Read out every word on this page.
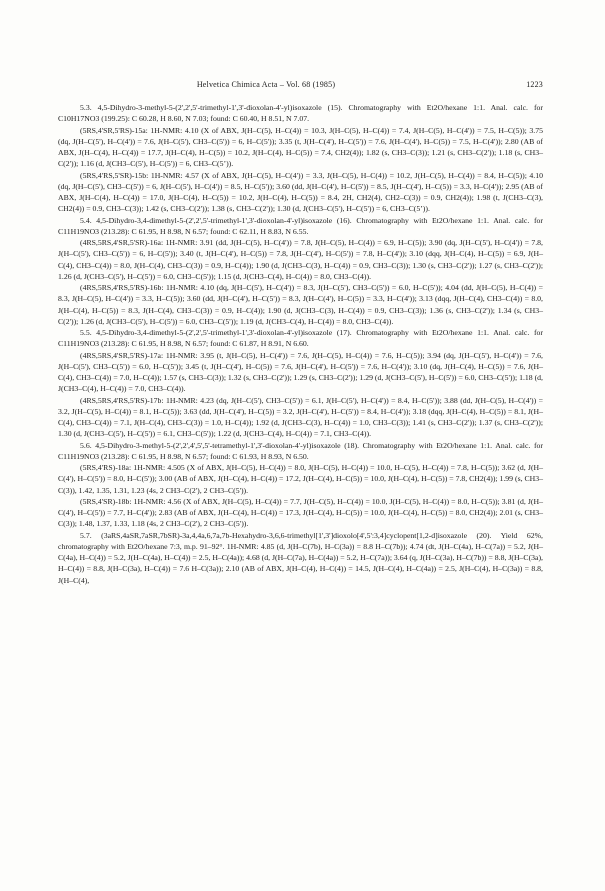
Helvetica Chimica Acta – Vol. 68 (1985)	1223

5.3. 4,5-Dihydro-3-methyl-5-(2',2',5'-trimethyl-1',3'-dioxolan-4'-yl)isoxazole (15). Chromatography with Et2O/hexane 1:1. Anal. calc. for C10H17NO3 (199.25): C 60.28, H 8.60, N 7.03; found: C 60.40, H 8.51, N 7.07.

(5RS,4'SR,5'RS)-15a: 1H-NMR: 4.10 (X of ABX, J(H–C(5), H–C(4)) = 10.3, J(H–C(5), H–C(4)) = 7.4, J(H–C(5), H–C(4')) = 7.5, H–C(5)); 3.75 (dq, J(H–C(5'), H–C(4')) = 7.6, J(H–C(5'), CH3–C(5')) = 6, H–C(5')); 3.35 (t, J(H–C(4'), H–C(5')) = 7.6, J(H–C(4'), H–C(5)) = 7.5, H–C(4')); 2.80 (AB of ABX, J(H–C(4), H–C(4)) = 17.7, J(H–C(4), H–C(5)) = 10.2, J(H–C(4), H–C(5)) = 7.4, CH2(4)); 1.82 (s, CH3–C(3)); 1.21 (s, CH3–C(2')); 1.18 (s, CH3–C(2')); 1.16 (d, J(CH3–C(5'), H–C(5')) = 6, CH3–C(5’)).

(5RS,4'RS,5'SR)-15b: 1H-NMR: 4.57 (X of ABX, J(H–C(5), H–C(4')) = 3.3, J(H–C(5), H–C(4)) = 10.2, J(H–C(5), H–C(4)) = 8.4, H–C(5)); 4.10 (dq, J(H–C(5'), CH3–C(5')) = 6, J(H–C(5'), H–C(4')) = 8.5, H–C(5')); 3.60 (dd, J(H–C(4'), H–C(5')) = 8.5, J(H–C(4'), H–C(5)) = 3.3, H–C(4')); 2.95 (AB of ABX, J(H–C(4), H–C(4)) = 17.0, J(H–C(4), H–C(5)) = 10.2, J(H–C(4), H–C(5)) = 8.4, 2H, CH2(4), CH2–C(3)) = 0.9, CH2(4)); 1.98 (t, J(CH3–C(3), CH2(4)) = 0.9, CH3–C(3)); 1.42 (s, CH3–C(2')); 1.38 (s, CH3–C(2')); 1.30 (d, J(CH3–C(5'), H–C(5')) = 6, CH3–C(5’)).

5.4. 4,5-Dihydro-3,4-dimethyl-5-(2',2',5'-trimethyl-1',3'-dioxolan-4'-yl)isoxazole (16). Chromatography with Et2O/hexane 1:1. Anal. calc. for C11H19NO3 (213.28): C 61.95, H 8.98, N 6.57; found: C 62.11, H 8.83, N 6.55.

(4RS,5RS,4'SR,5'SR)-16a: 1H-NMR: 3.91 (dd, J(H–C(5), H–C(4')) = 7.8, J(H–C(5), H–C(4)) = 6.9, H–C(5)); 3.90 (dq, J(H–C(5'), H–C(4')) = 7.8, J(H–C(5'), CH3–C(5')) = 6, H–C(5')); 3.40 (t, J(H–C(4'), H–C(5)) = 7.8, J(H–C(4'), H–C(5')) = 7.8, H–C(4')); 3.10 (dqq, J(H–C(4), H–C(5)) = 6.9, J(H–C(4), CH3–C(4)) = 8.0, J(H–C(4), CH3–C(3)) = 0.9, H–C(4)); 1.90 (d, J(CH3–C(3), H–C(4)) = 0.9, CH3–C(3)); 1.30 (s, CH3–C(2')); 1.27 (s, CH3–C(2')); 1.26 (d, J(CH3–C(5'), H–C(5')) = 6.0, CH3–C(5')); 1.15 (d, J(CH3–C(4), H–C(4)) = 8.0, CH3–C(4)).

(4RS,5RS,4'RS,5'RS)-16b: 1H-NMR: 4.10 (dq, J(H–C(5'), H–C(4')) = 8.3, J(H–C(5'), CH3–C(5')) = 6.0, H–C(5')); 4.04 (dd, J(H–C(5), H–C(4)) = 8.3, J(H–C(5), H–C(4')) = 3.3, H–C(5)); 3.60 (dd, J(H–C(4'), H–C(5')) = 8.3, J(H–C(4'), H–C(5)) = 3.3, H–C(4')); 3.13 (dqq, J(H–C(4), CH3–C(4)) = 8.0, J(H–C(4), H–C(5)) = 8.3, J(H–C(4), CH3–C(3)) = 0.9, H–C(4)); 1.90 (d, J(CH3–C(3), H–C(4)) = 0.9, CH3–C(3)); 1.36 (s, CH3–C(2')); 1.34 (s, CH3–C(2')); 1.26 (d, J(CH3–C(5'), H–C(5')) = 6.0, CH3–C(5')); 1.19 (d, J(CH3–C(4), H–C(4)) = 8.0, CH3–C(4)).

5.5. 4,5-Dihydro-3,4-dimethyl-5-(2',2',5'-trimethyl-1',3'-dioxolan-4'-yl)isoxazole (17). Chromatography with Et2O/hexane 1:1. Anal. calc. for C11H19NO3 (213.28): C 61.95, H 8.98, N 6.57; found: C 61.87, H 8.91, N 6.60.

(4RS,5RS,4'SR,5'RS)-17a: 1H-NMR: 3.95 (t, J(H–C(5), H–C(4')) = 7.6, J(H–C(5), H–C(4)) = 7.6, H–C(5)); 3.94 (dq, J(H–C(5'), H–C(4')) = 7.6, J(H–C(5'), CH3–C(5')) = 6.0, H–C(5')); 3.45 (t, J(H–C(4'), H–C(5)) = 7.6, J(H–C(4'), H–C(5')) = 7.6, H–C(4')); 3.10 (dq, J(H–C(4), H–C(5)) = 7.6, J(H–C(4), CH3–C(4)) = 7.0, H–C(4)); 1.57 (s, CH3–C(3)); 1.32 (s, CH3–C(2')); 1.29 (s, CH3–C(2')); 1.29 (d, J(CH3–C(5'), H–C(5')) = 6.0, CH3–C(5')); 1.18 (d, J(CH3–C(4), H–C(4)) = 7.0, CH3–C(4)).

(4RS,5RS,4'RS,5'RS)-17b: 1H-NMR: 4.23 (dq, J(H–C(5'), CH3–C(5')) = 6.1, J(H–C(5'), H–C(4')) = 8.4, H–C(5')); 3.88 (dd, J(H–C(5), H–C(4')) = 3.2, J(H–C(5), H–C(4)) = 8.1, H–C(5)); 3.63 (dd, J(H–C(4'), H–C(5)) = 3.2, J(H–C(4'), H–C(5')) = 8.4, H–C(4')); 3.18 (dqq, J(H–C(4), H–C(5)) = 8.1, J(H–C(4), CH3–C(4)) = 7.1, J(H–C(4), CH3–C(3)) = 1.0, H–C(4)); 1.92 (d, J(CH3–C(3), H–C(4)) = 1.0, CH3–C(3)); 1.41 (s, CH3–C(2')); 1.37 (s, CH3–C(2')); 1.30 (d, J(CH3–C(5'), H–C(5')) = 6.1, CH3–C(5')); 1.22 (d, J(CH3–C(4), H–C(4)) = 7.1, CH3–C(4)).

5.6. 4,5-Dihydro-3-methyl-5-(2',2',4',5',5'-tetramethyl-1',3'-dioxolan-4'-yl)isoxazole (18). Chromatography with Et2O/hexane 1:1. Anal. calc. for C11H19NO3 (213.28): C 61.95, H 8.98, N 6.57; found: C 61.93, H 8.93, N 6.50.

(5RS,4'RS)-18a: 1H-NMR: 4.505 (X of ABX, J(H–C(5), H–C(4)) = 8.0, J(H–C(5), H–C(4)) = 10.0, H–C(5), H–C(4)) = 7.8, H–C(5)); 3.62 (d, J(H–C(4'), H–C(5')) = 8.0, H–C(5')); 3.00 (AB of ABX, J(H–C(4), H–C(4)) = 17.2, J(H–C(4), H–C(5)) = 10.0, J(H–C(4), H–C(5)) = 7.8, CH2(4)); 1.99 (s, CH3–C(3)), 1.42, 1.35, 1.31, 1.23 (4s, 2 CH3–C(2'), 2 CH3–C(5')).

(5RS,4'SR)-18b: 1H-NMR: 4.56 (X of ABX, J(H–C(5), H–C(4)) = 7.7, J(H–C(5), H–C(4)) = 10.0, J(H–C(5), H–C(4)) = 8.0, H–C(5)); 3.81 (d, J(H–C(4'), H–C(5')) = 7.7, H–C(4')); 2.83 (AB of ABX, J(H–C(4), H–C(4)) = 17.3, J(H–C(4), H–C(5)) = 10.0, J(H–C(4), H–C(5)) = 8.0, CH2(4)); 2.01 (s, CH3–C(3)); 1.48, 1.37, 1.33, 1.18 (4s, 2 CH3–C(2'), 2 CH3–C(5')).

5.7. (3aRS,4aSR,7aSR,7bSR)-3a,4,4a,6,7a,7b-Hexahydro-3,6,6-trimethyl[1',3']dioxolo[4',5':3,4]cyclopent[1,2-d]isoxazole (20). Yield 62%, chromatography with Et2O/hexane 7:3, m.p. 91–92°. 1H-NMR: 4.85 (d, J(H–C(7b), H–C(3a)) = 8.8 H–C(7b)); 4.74 (dt, J(H–C(4a), H–C(7a)) = 5.2, J(H–C(4a), H–C(4)) = 5.2, J(H–C(4a), H–C(4)) = 2.5, H–C(4a)); 4.68 (d, J(H–C(7a), H–C(4a)) = 5.2, H–C(7a)); 3.64 (q, J(H–C(3a), H–C(7b)) = 8.8, J(H–C(3a), H–C(4)) = 8.8, J(H–C(3a), H–C(4)) = 7.6 H–C(3a)); 2.10 (AB of ABX, J(H–C(4), H–C(4)) = 14.5, J(H–C(4), H–C(4a)) = 2.5, J(H–C(4), H–C(3a)) = 8.8, J(H–C(4),
